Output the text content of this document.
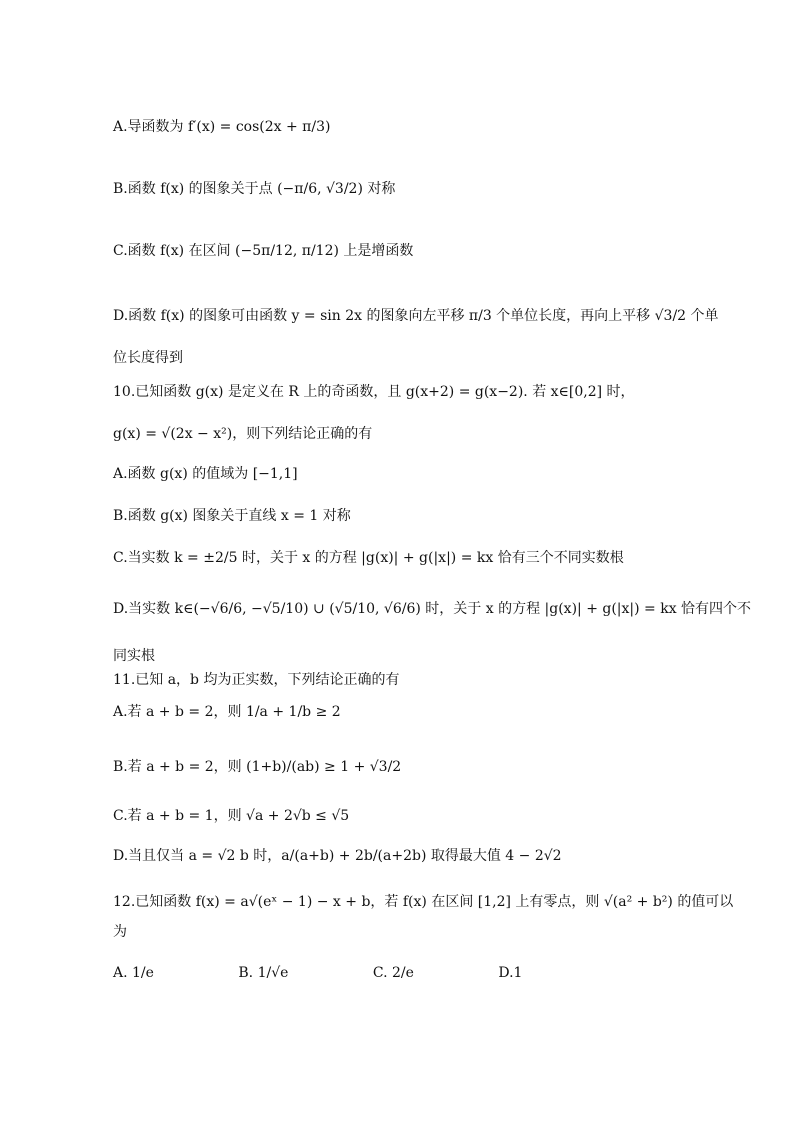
A.导函数为 f′(x) = cos(2x + π/3)
B.函数 f(x) 的图象关于点 (−π/6, √3/2) 对称
C.函数 f(x) 在区间 (−5π/12, π/12) 上是增函数
D.函数 f(x) 的图象可由函数 y = sin 2x 的图象向左平移 π/3 个单位长度，再向上平移 √3/2 个单
位长度得到
10.已知函数 g(x) 是定义在 R 上的奇函数，且 g(x+2) = g(x−2). 若 x∈[0,2] 时，
g(x) = √(2x − x²)，则下列结论正确的有
A.函数 g(x) 的值域为 [−1,1]
B.函数 g(x) 图象关于直线 x = 1 对称
C.当实数 k = ±2/5 时，关于 x 的方程 |g(x)| + g(|x|) = kx 恰有三个不同实数根
D.当实数 k∈(−√6/6, −√5/10) ∪ (√5/10, √6/6) 时，关于 x 的方程 |g(x)| + g(|x|) = kx 恰有四个不
同实根
11.已知 a，b 均为正实数，下列结论正确的有
A.若 a + b = 2，则 1/a + 1/b ≥ 2
B.若 a + b = 2，则 (1+b)/(ab) ≥ 1 + √3/2
C.若 a + b = 1，则 √a + 2√b ≤ √5
D.当且仅当 a = √2 b 时，a/(a+b) + 2b/(a+2b) 取得最大值 4 − 2√2
12.已知函数 f(x) = a√(eˣ − 1) − x + b，若 f(x) 在区间 [1,2] 上有零点，则 √(a² + b²) 的值可以
为
A. 1/e	B. 1/√e	C. 2/e	D.1
